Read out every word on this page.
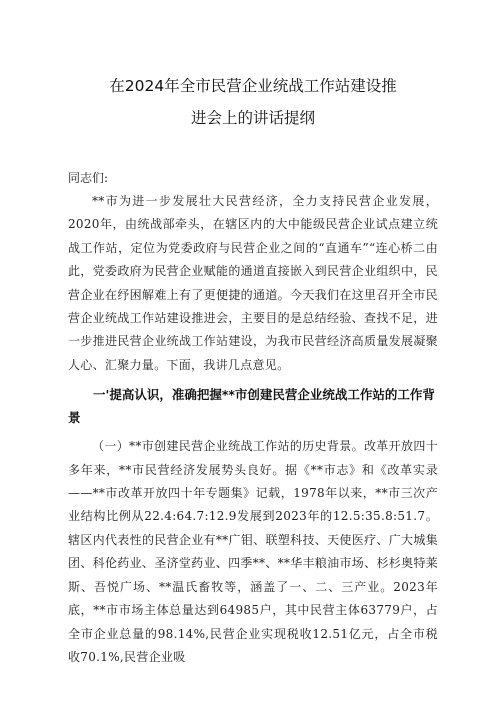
在2024年全市民营企业统战工作站建设推
进会上的讲话提纲
同志们:

**市为进一步发展壮大民营经济，全力支持民营企业发展，2020年，由统战部牵头，在辖区内的大中能级民营企业试点建立统战工作站，定位为党委政府与民营企业之间的“直通车”“连心桥二由此，党委政府为民营企业赋能的通道直接嵌入到民营企业组织中，民营企业在纾困解难上有了更便捷的通道。今天我们在这里召开全市民营企业统战工作站建设推进会，主要目的是总结经验、查找不足，进一步推进民营企业统战工作站建设，为我市民营经济高质量发展凝聚人心、汇聚力量。下面，我讲几点意见。

一'提高认识，准确把握**市创建民营企业统战工作站的工作背景

（一）**市创建民营企业统战工作站的历史背景。改革开放四十多年来，**市民营经济发展势头良好。据《**市志》和《改革实录——**市改革开放四十年专题集》记载，1978年以来，**市三次产业结构比例从22.4:64.7:12.9发展到2023年的12.5:35.8:51.7。辖区内代表性的民营企业有**广钼、联塑科技、天使医疗、广大城集团、科伦药业、圣济堂药业、四季**、**华丰粮油市场、杉杉奥特莱斯、吾悦广场、**温氏畜牧等，涵盖了一、二、三产业。2023年底，**市市场主体总量达到64985户，其中民营主体63779户，占全市企业总量的98.14%,民营企业实现税收12.51亿元，占全市税收70.1%,民营企业吸
